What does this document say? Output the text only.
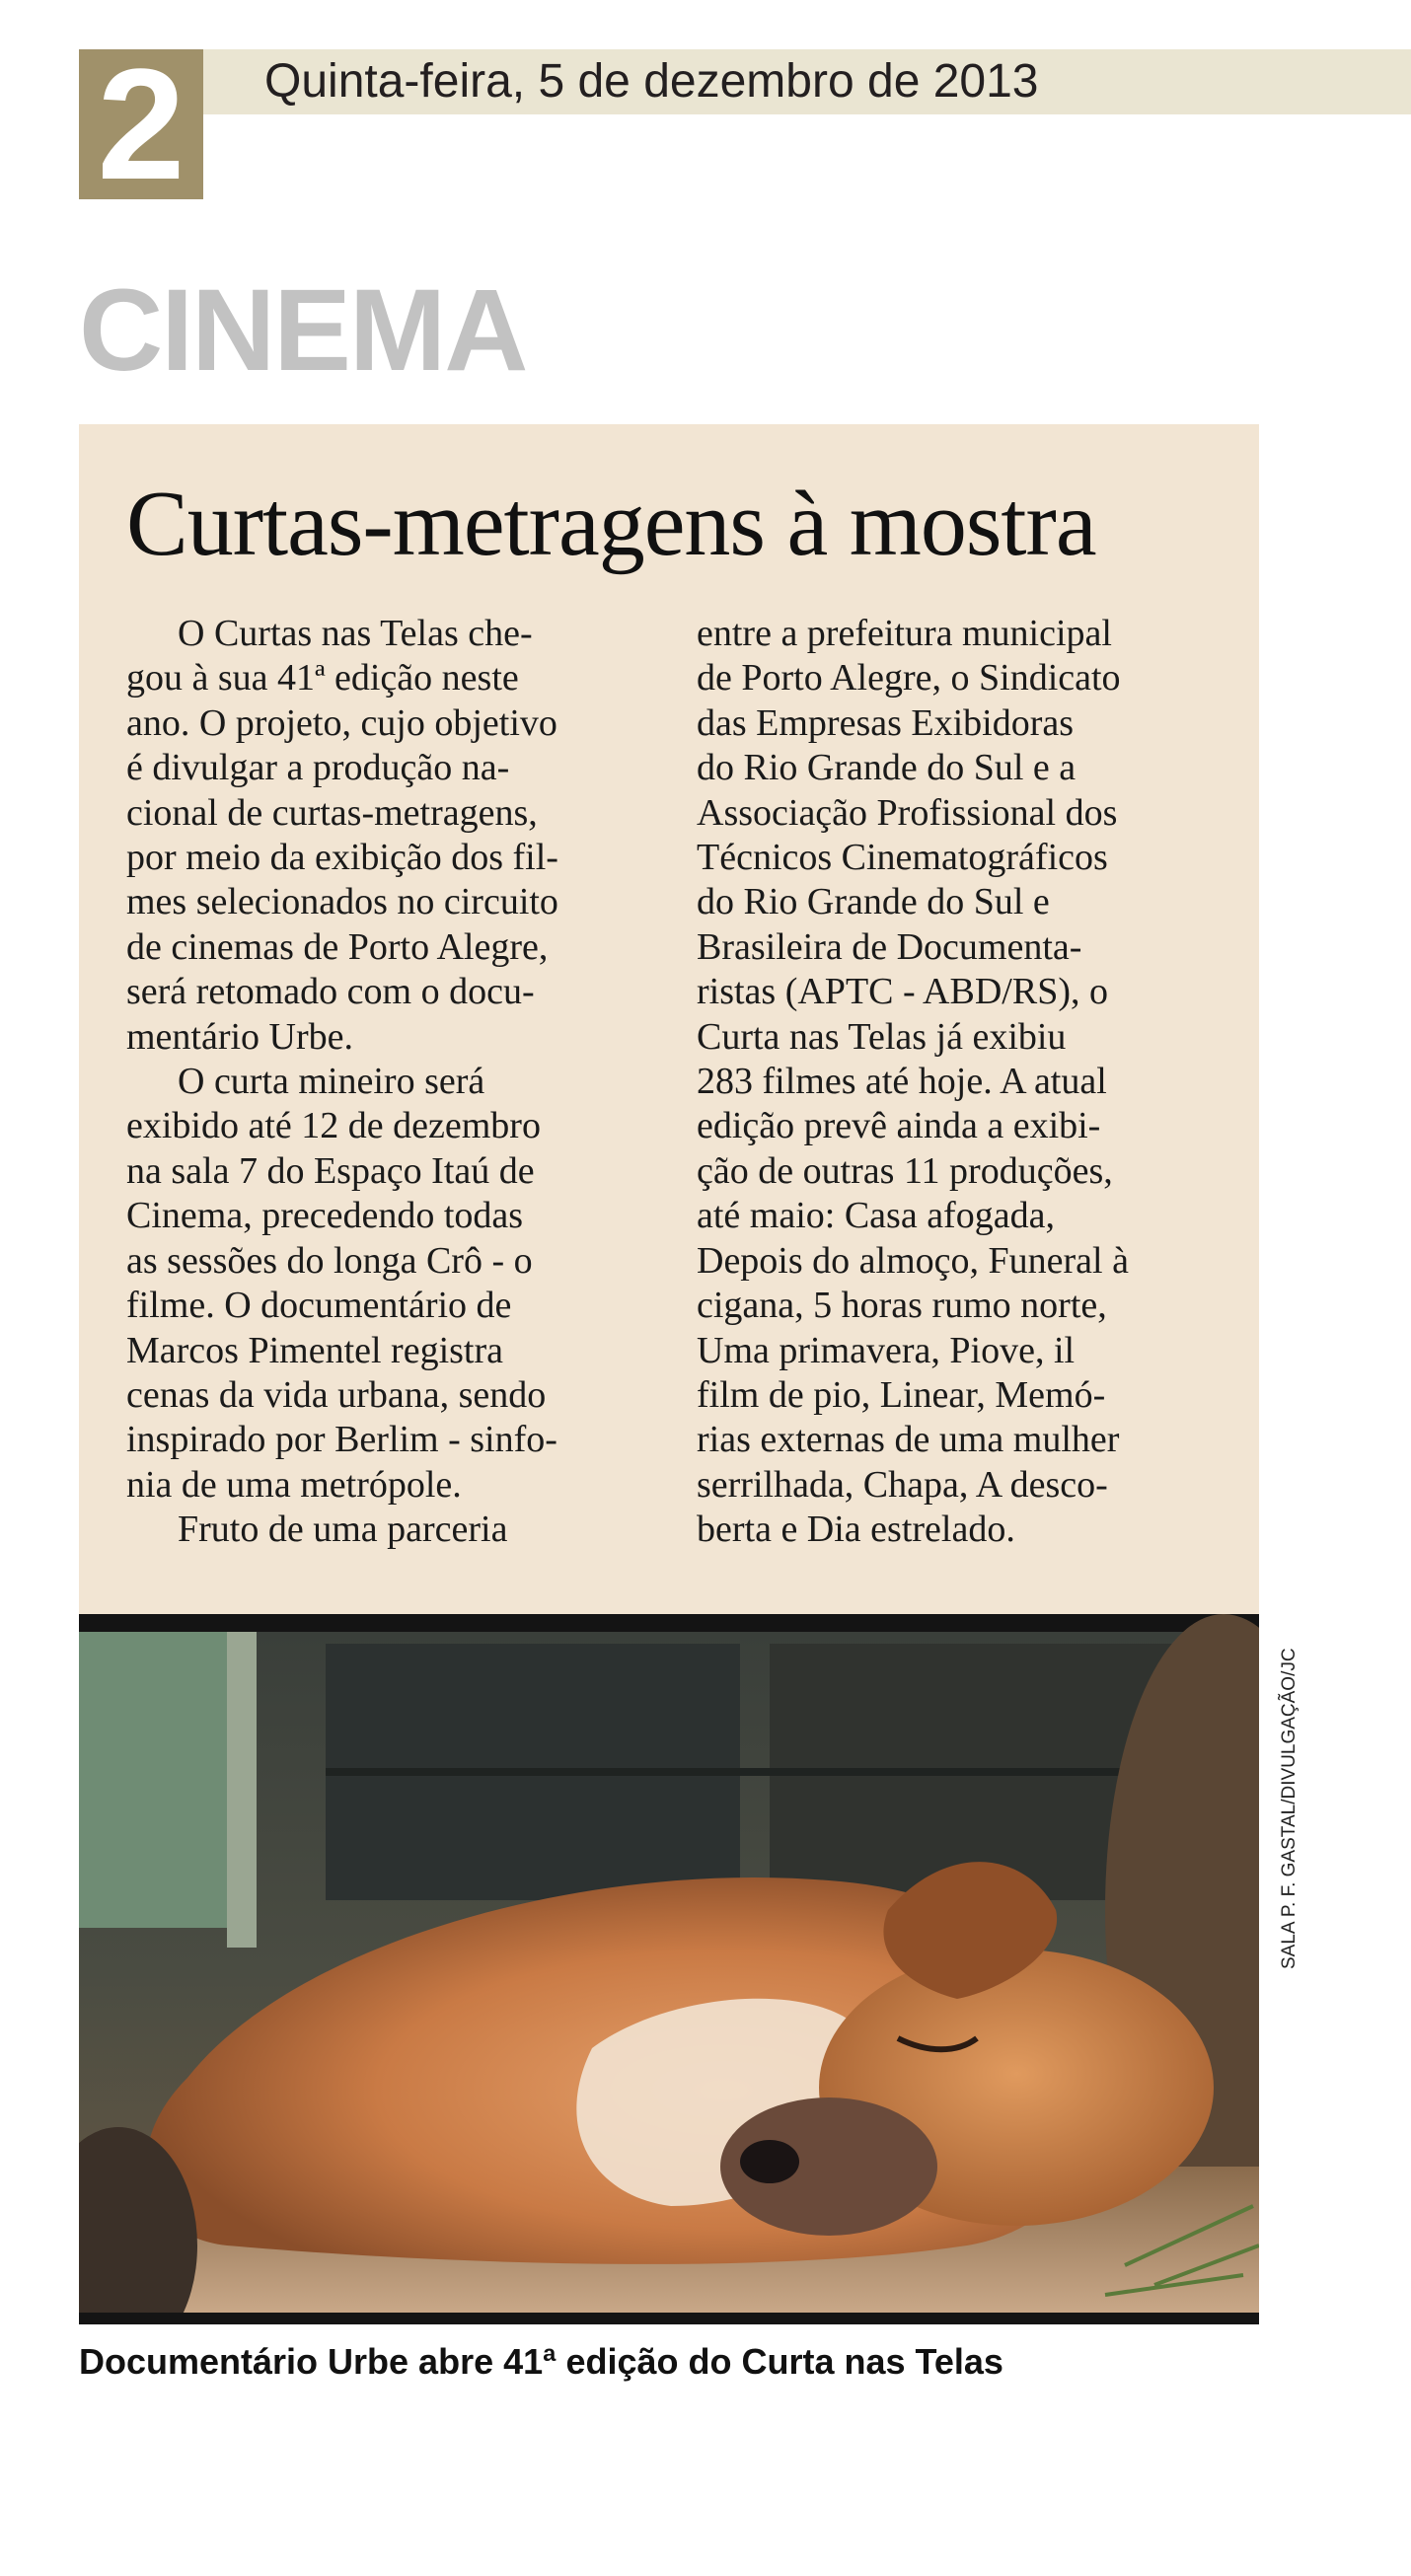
2	Quinta-feira, 5 de dezembro de 2013
CINEMA
Curtas-metragens à mostra
O Curtas nas Telas che-
gou à sua 41ª edição neste
ano. O projeto, cujo objetivo
é divulgar a produção na-
cional de curtas-metragens,
por meio da exibição dos fil-
mes selecionados no circuito
de cinemas de Porto Alegre,
será retomado com o docu-
mentário Urbe.
O curta mineiro será
exibido até 12 de dezembro
na sala 7 do Espaço Itaú de
Cinema, precedendo todas
as sessões do longa Crô - o
filme. O documentário de
Marcos Pimentel registra
cenas da vida urbana, sendo
inspirado por Berlim - sinfo-
nia de uma metrópole.
Fruto de uma parceria
entre a prefeitura municipal
de Porto Alegre, o Sindicato
das Empresas Exibidoras
do Rio Grande do Sul e a
Associação Profissional dos
Técnicos Cinematográficos
do Rio Grande do Sul e
Brasileira de Documenta-
ristas (APTC - ABD/RS), o
Curta nas Telas já exibiu
283 filmes até hoje. A atual
edição prevê ainda a exibi-
ção de outras 11 produções,
até maio: Casa afogada,
Depois do almoço, Funeral à
cigana, 5 horas rumo norte,
Uma primavera, Piove, il
film de pio, Linear, Memó-
rias externas de uma mulher
serrilhada, Chapa, A desco-
berta e Dia estrelado.
SALA P. F. GASTAL/DIVULGAÇÃO/JC
Documentário Urbe abre 41ª edição do Curta nas Telas
